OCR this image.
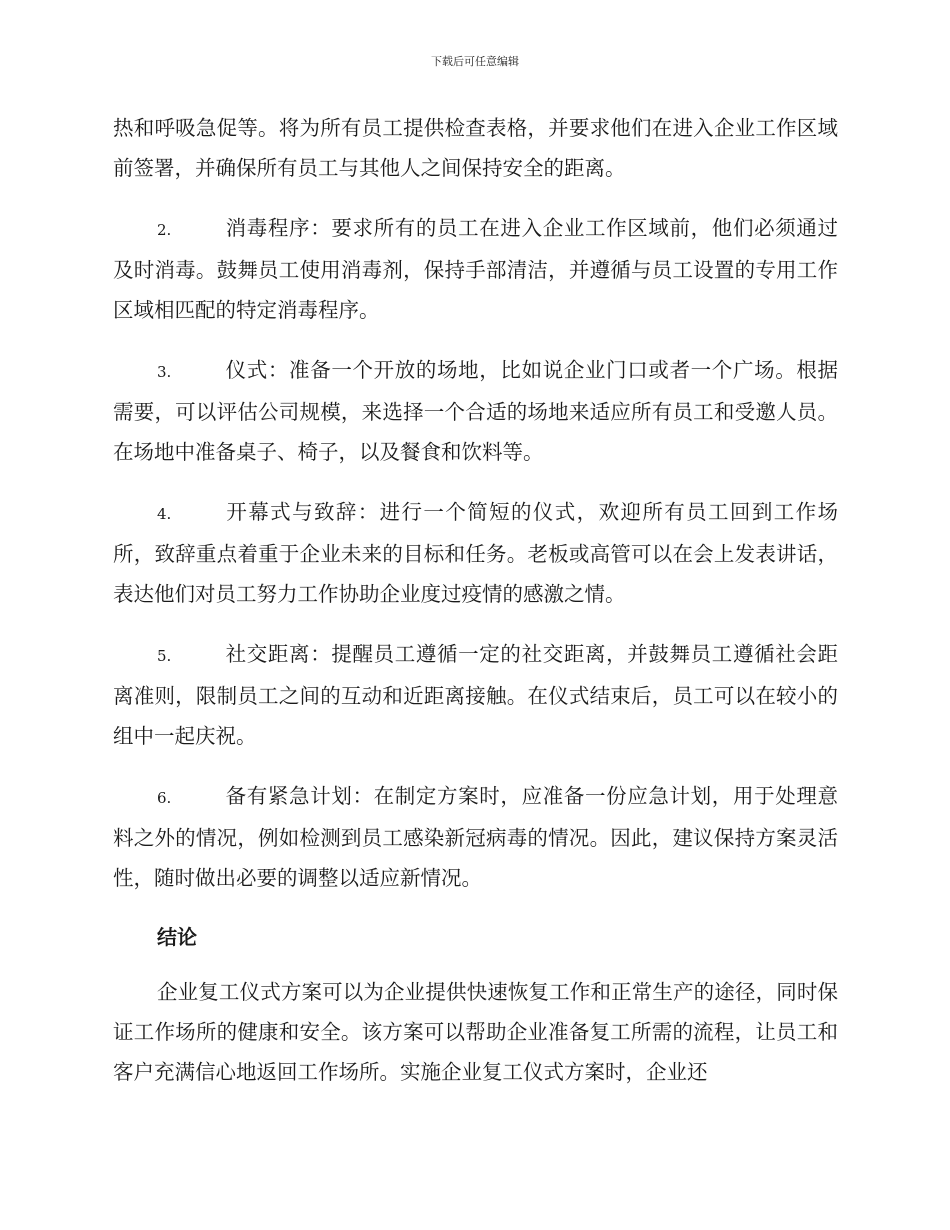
下载后可任意编辑

热和呼吸急促等。将为所有员工提供检查表格，并要求他们在进入企业工作区域前签署，并确保所有员工与其他人之间保持安全的距离。

2.	消毒程序：要求所有的员工在进入企业工作区域前，他们必须通过及时消毒。鼓舞员工使用消毒剂，保持手部清洁，并遵循与员工设置的专用工作区域相匹配的特定消毒程序。

3.	仪式：准备一个开放的场地，比如说企业门口或者一个广场。根据需要，可以评估公司规模，来选择一个合适的场地来适应所有员工和受邀人员。在场地中准备桌子、椅子，以及餐食和饮料等。

4.	开幕式与致辞：进行一个简短的仪式，欢迎所有员工回到工作场所，致辞重点着重于企业未来的目标和任务。老板或高管可以在会上发表讲话，表达他们对员工努力工作协助企业度过疫情的感激之情。

5.	社交距离：提醒员工遵循一定的社交距离，并鼓舞员工遵循社会距离准则，限制员工之间的互动和近距离接触。在仪式结束后，员工可以在较小的组中一起庆祝。

6.	备有紧急计划：在制定方案时，应准备一份应急计划，用于处理意料之外的情况，例如检测到员工感染新冠病毒的情况。因此，建议保持方案灵活性，随时做出必要的调整以适应新情况。

结论

企业复工仪式方案可以为企业提供快速恢复工作和正常生产的途径，同时保证工作场所的健康和安全。该方案可以帮助企业准备复工所需的流程，让员工和客户充满信心地返回工作场所。实施企业复工仪式方案时，企业还
